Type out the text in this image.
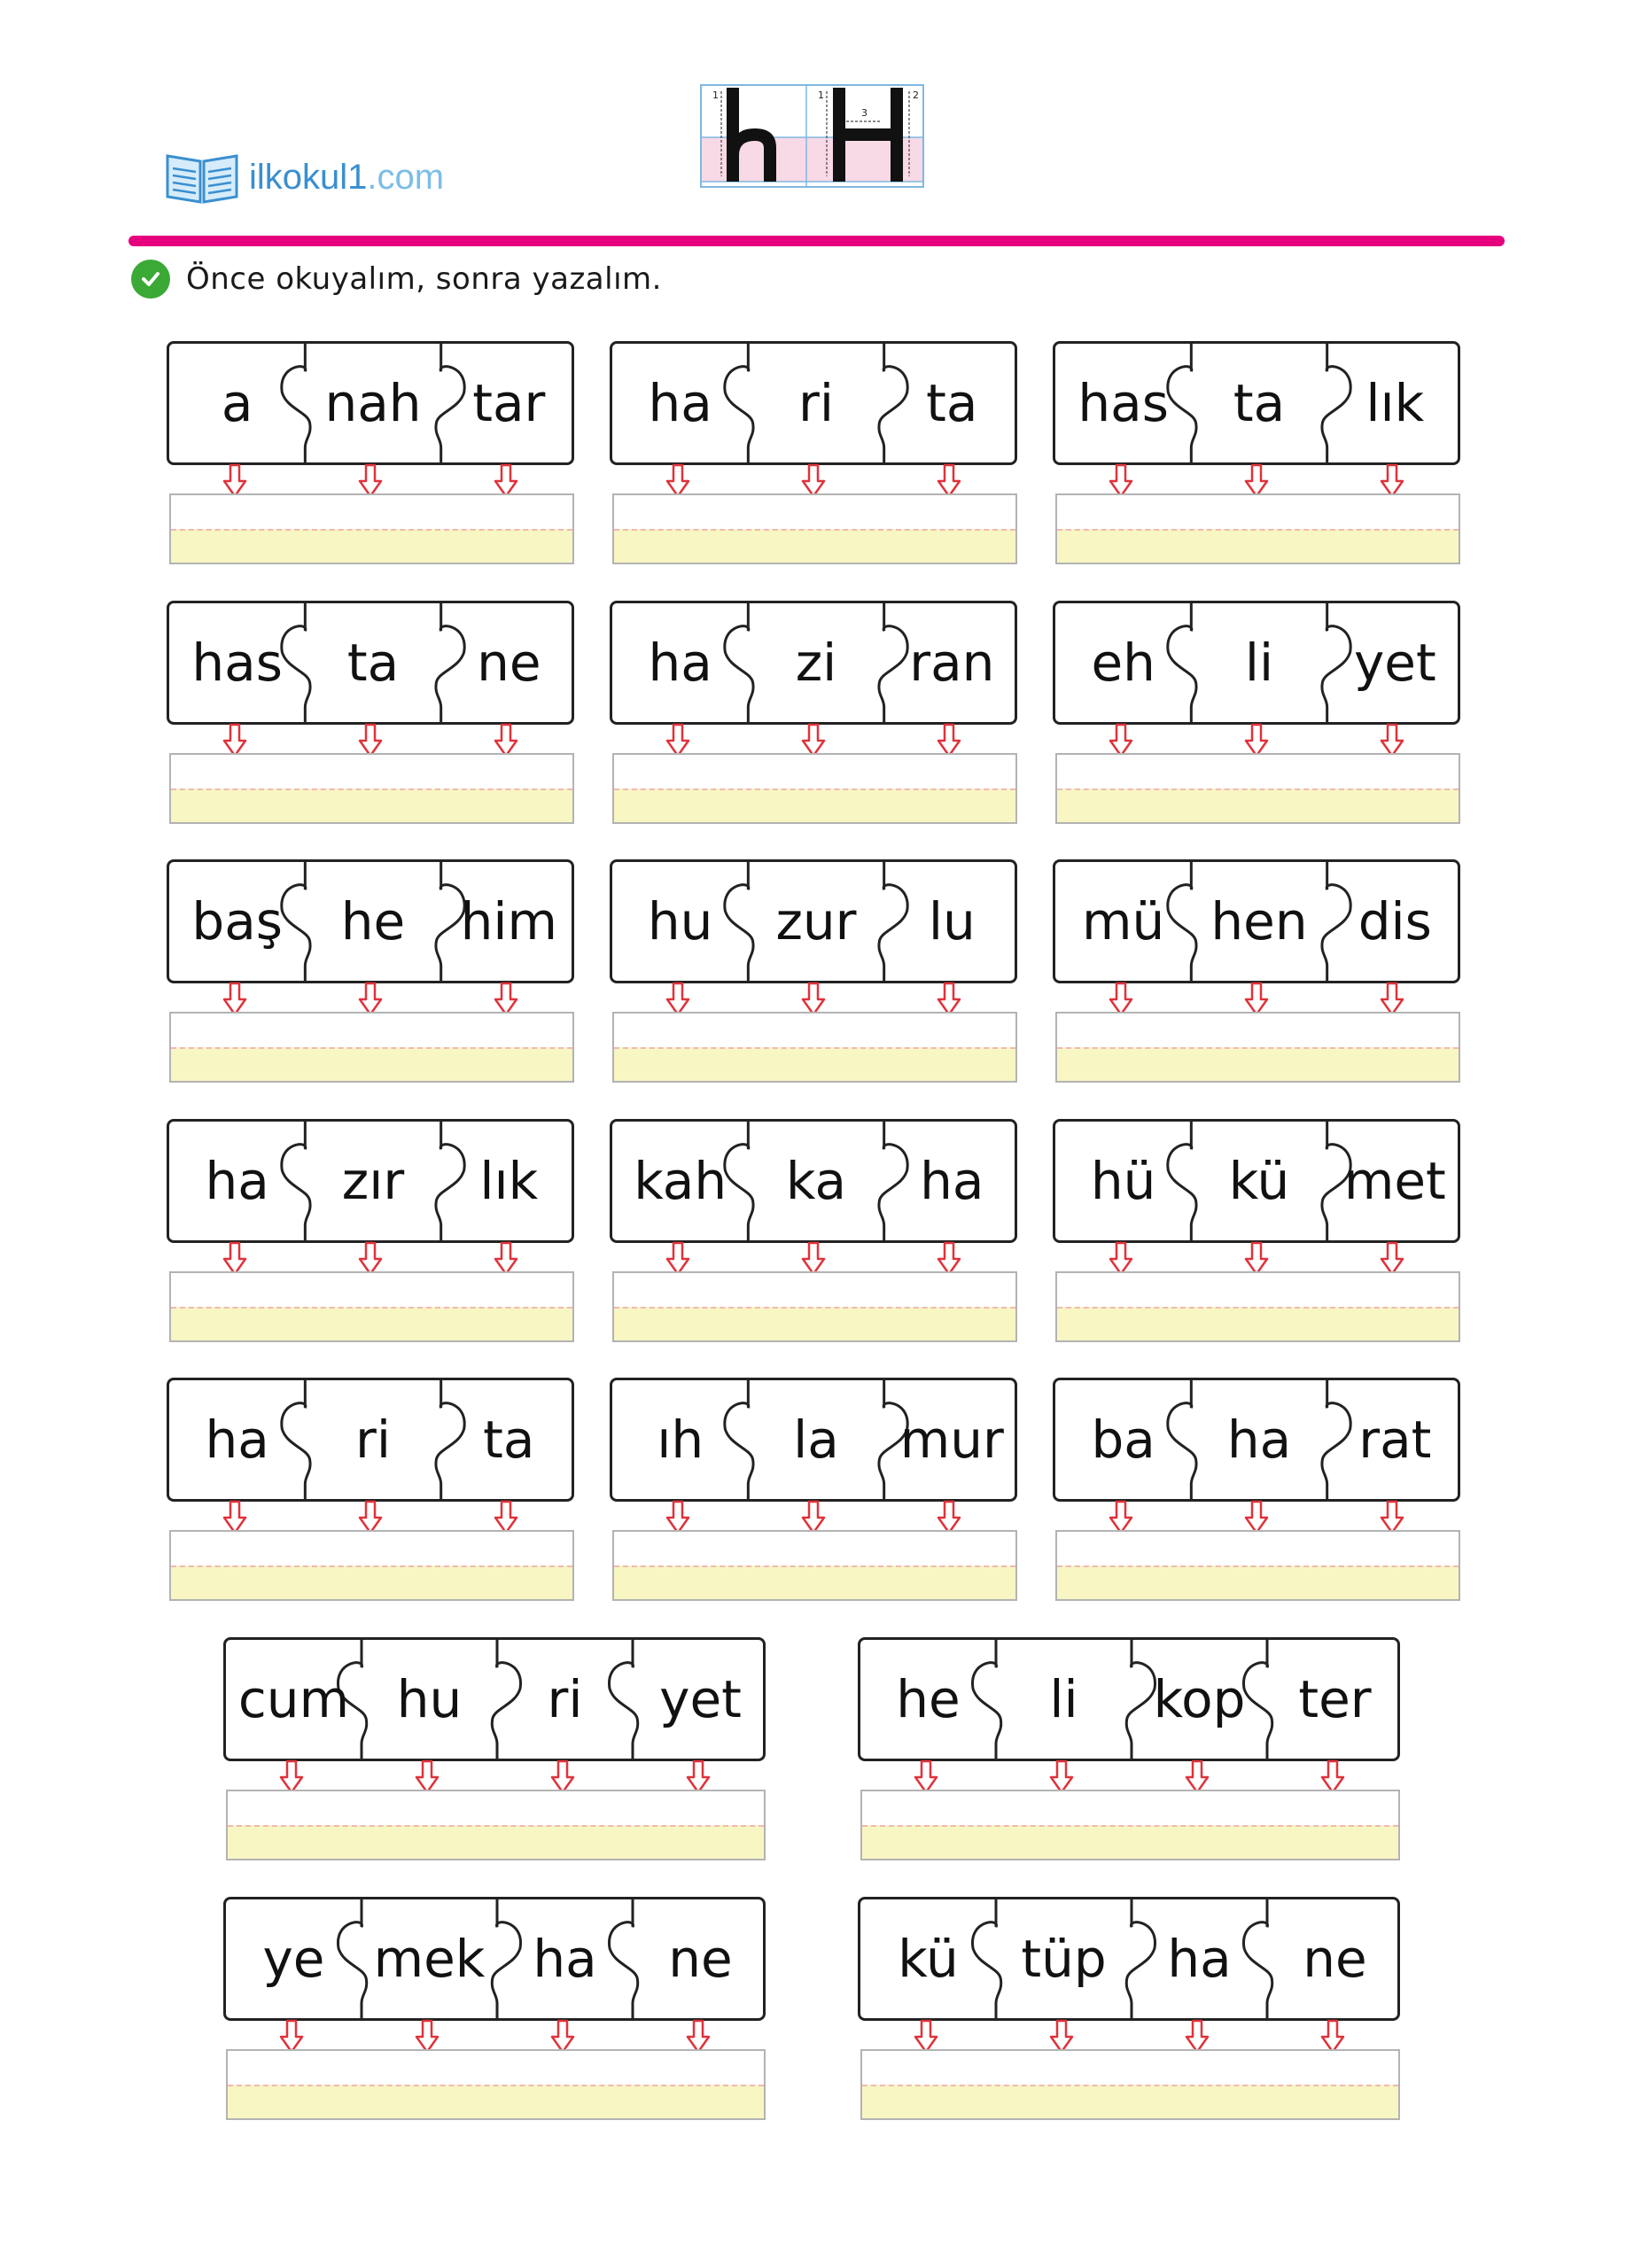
ilkokul1.com
1	1	2
3
Önce okuyalım, sonra yazalım.
a	nah tar	ha	ri	ta	has	ta	lık
has	ta	ne	ha	zi	ran	eh	li	yet
baş	he	him	hu	zur	lu	mü hen dis
ha	zır	lık	kah	ka	ha	hü	kü	met
ha	ri	ta	ıh	la	mur	ba	ha	rat
cum hu	ri	yet	he	li	kop	ter
ye mek ha	ne	kü	tüp	ha	ne
